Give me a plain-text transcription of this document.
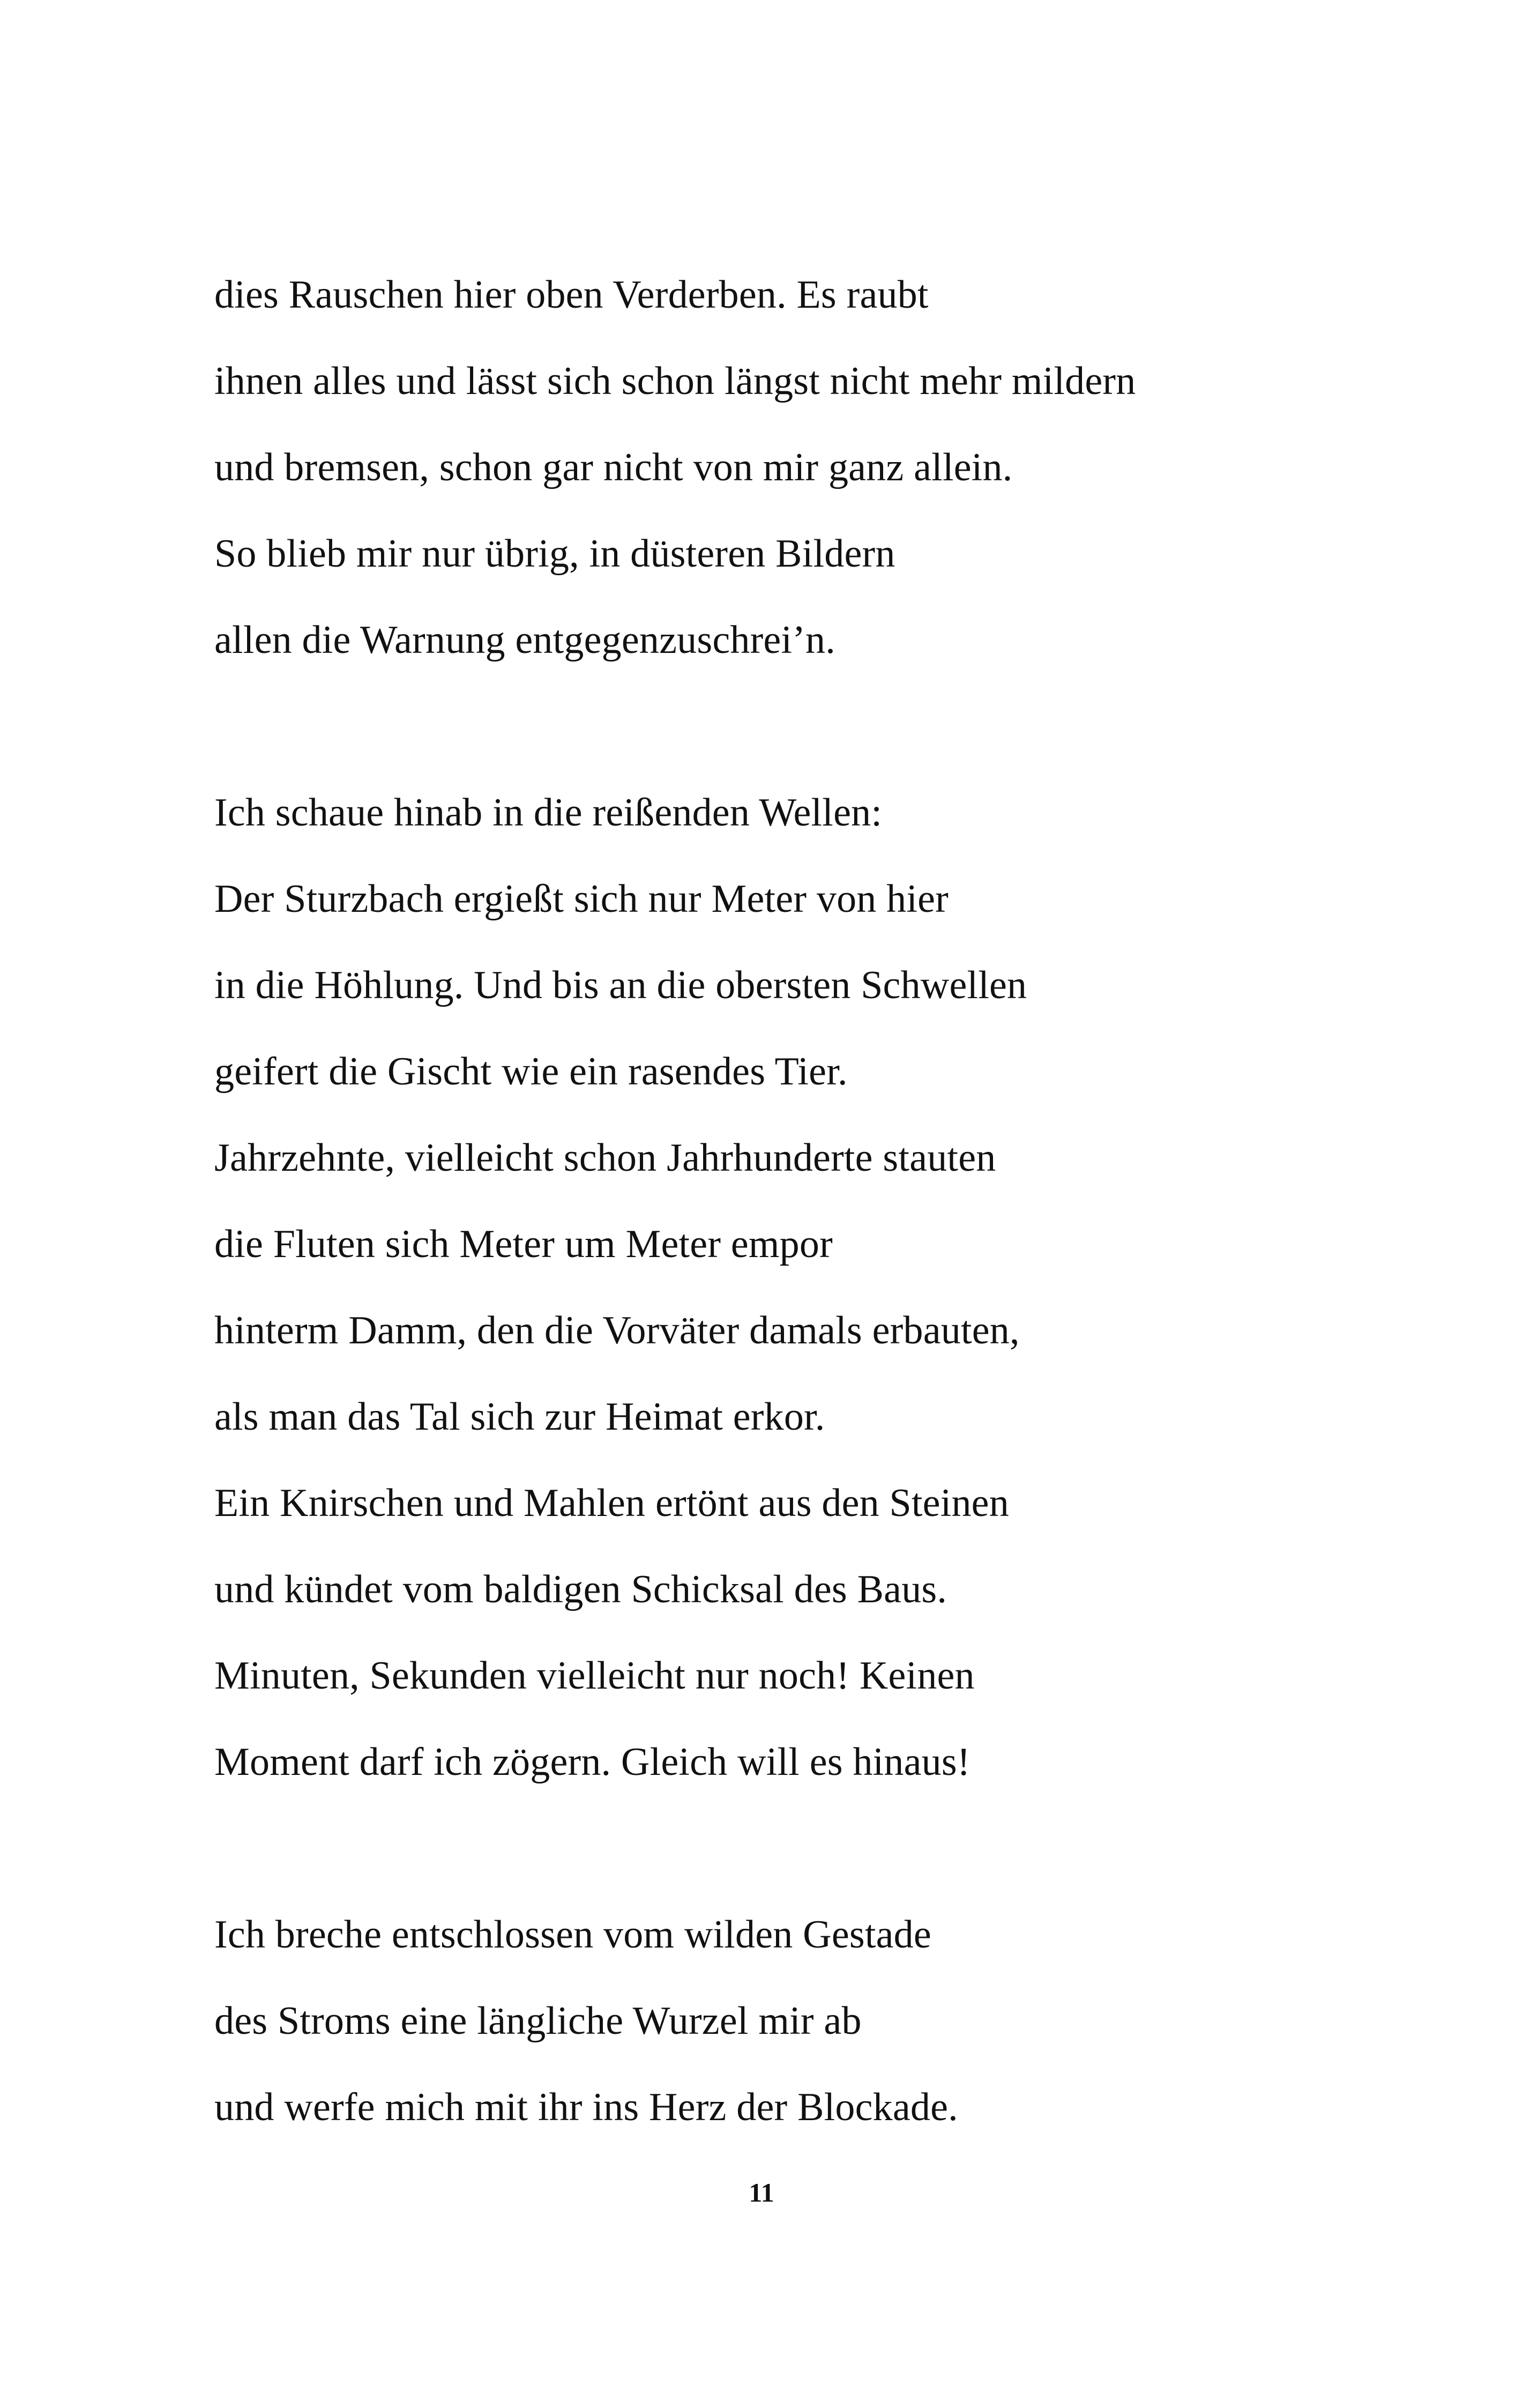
dies Rauschen hier oben Verderben. Es raubt
ihnen alles und lässt sich schon längst nicht mehr mildern
und bremsen, schon gar nicht von mir ganz allein.
So blieb mir nur übrig, in düsteren Bildern
allen die Warnung entgegenzuschrei’n.
Ich schaue hinab in die reißenden Wellen:
Der Sturzbach ergießt sich nur Meter von hier
in die Höhlung. Und bis an die obersten Schwellen
geifert die Gischt wie ein rasendes Tier.
Jahrzehnte, vielleicht schon Jahrhunderte stauten
die Fluten sich Meter um Meter empor
hinterm Damm, den die Vorväter damals erbauten,
als man das Tal sich zur Heimat erkor.
Ein Knirschen und Mahlen ertönt aus den Steinen
und kündet vom baldigen Schicksal des Baus.
Minuten, Sekunden vielleicht nur noch! Keinen
Moment darf ich zögern. Gleich will es hinaus!
Ich breche entschlossen vom wilden Gestade
des Stroms eine längliche Wurzel mir ab
und werfe mich mit ihr ins Herz der Blockade.
11
